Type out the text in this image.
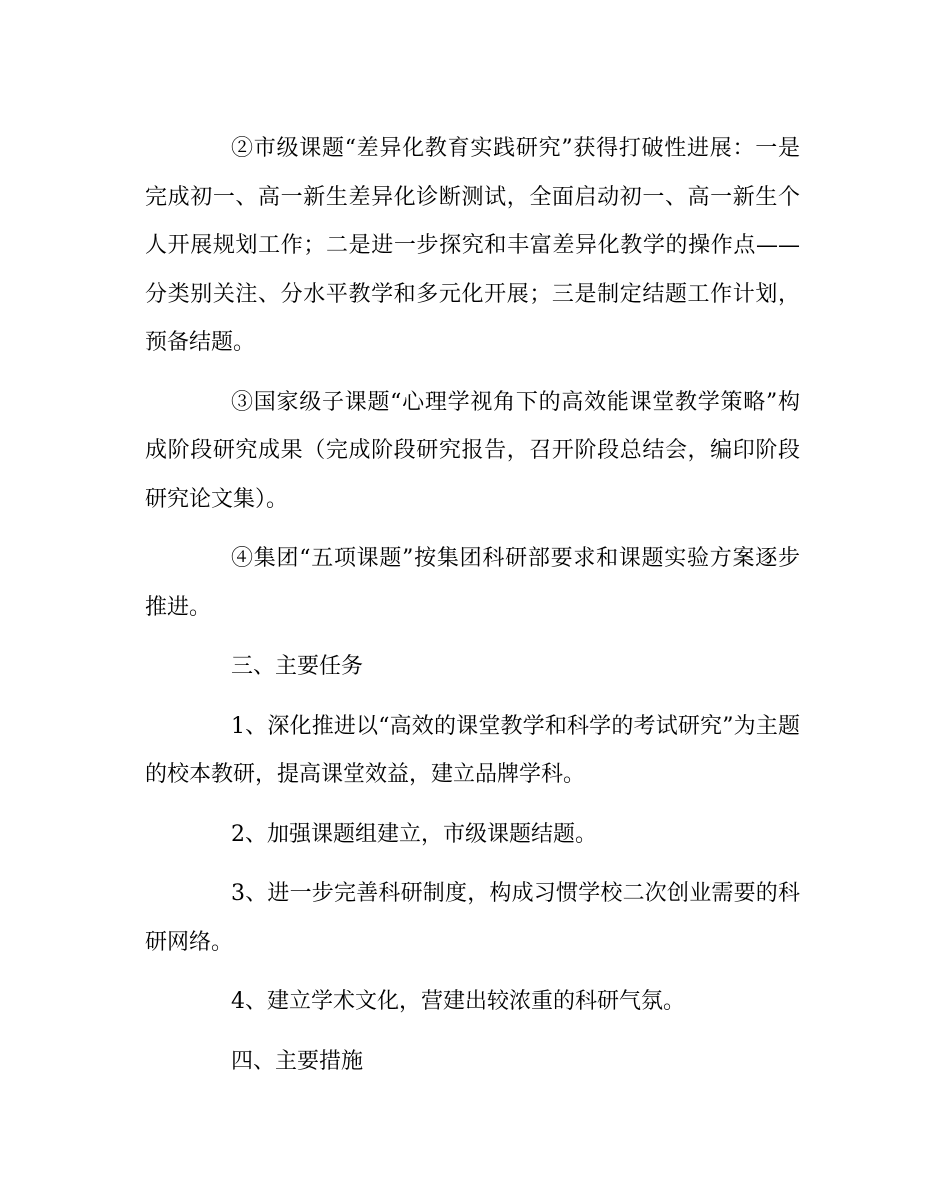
②市级课题“差异化教育实践研究”获得打破性进展：一是完成初一、高一新生差异化诊断测试，全面启动初一、高一新生个人开展规划工作；二是进一步探究和丰富差异化教学的操作点——分类别关注、分水平教学和多元化开展；三是制定结题工作计划，预备结题。

③国家级子课题“心理学视角下的高效能课堂教学策略”构成阶段研究成果（完成阶段研究报告，召开阶段总结会，编印阶段研究论文集）。

④集团“五项课题”按集团科研部要求和课题实验方案逐步推进。

三、主要任务

1、深化推进以“高效的课堂教学和科学的考试研究”为主题的校本教研，提高课堂效益，建立品牌学科。

2、加强课题组建立，市级课题结题。

3、进一步完善科研制度，构成习惯学校二次创业需要的科研网络。

4、建立学术文化，营建出较浓重的科研气氛。

四、主要措施
